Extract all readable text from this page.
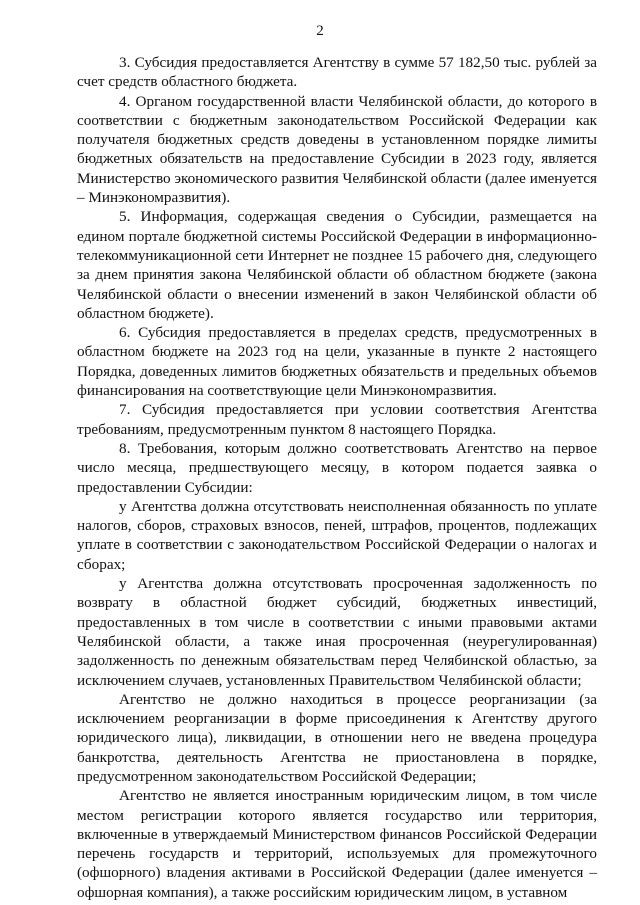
2

3. Субсидия предоставляется Агентству в сумме 57 182,50 тыс. рублей за счет средств областного бюджета.

4. Органом государственной власти Челябинской области, до которого в соответствии с бюджетным законодательством Российской Федерации как получателя бюджетных средств доведены в установленном порядке лимиты бюджетных обязательств на предоставление Субсидии в 2023 году, является Министерство экономического развития Челябинской области (далее именуется – Минэкономразвития).

5. Информация, содержащая сведения о Субсидии, размещается на едином портале бюджетной системы Российской Федерации в информационно-телекоммуникационной сети Интернет не позднее 15 рабочего дня, следующего за днем принятия закона Челябинской области об областном бюджете (закона Челябинской области о внесении изменений в закон Челябинской области об областном бюджете).

6. Субсидия предоставляется в пределах средств, предусмотренных в областном бюджете на 2023 год на цели, указанные в пункте 2 настоящего Порядка, доведенных лимитов бюджетных обязательств и предельных объемов финансирования на соответствующие цели Минэкономразвития.

7. Субсидия предоставляется при условии соответствия Агентства требованиям, предусмотренным пунктом 8 настоящего Порядка.

8. Требования, которым должно соответствовать Агентство на первое число месяца, предшествующего месяцу, в котором подается заявка о предоставлении Субсидии:

у Агентства должна отсутствовать неисполненная обязанность по уплате налогов, сборов, страховых взносов, пеней, штрафов, процентов, подлежащих уплате в соответствии с законодательством Российской Федерации о налогах и сборах;

у Агентства должна отсутствовать просроченная задолженность по возврату в областной бюджет субсидий, бюджетных инвестиций, предоставленных в том числе в соответствии с иными правовыми актами Челябинской области, а также иная просроченная (неурегулированная) задолженность по денежным обязательствам перед Челябинской областью, за исключением случаев, установленных Правительством Челябинской области;

Агентство не должно находиться в процессе реорганизации (за исключением реорганизации в форме присоединения к Агентству другого юридического лица), ликвидации, в отношении него не введена процедура банкротства, деятельность Агентства не приостановлена в порядке, предусмотренном законодательством Российской Федерации;

Агентство не является иностранным юридическим лицом, в том числе местом регистрации которого является государство или территория, включенные в утверждаемый Министерством финансов Российской Федерации перечень государств и территорий, используемых для промежуточного (офшорного) владения активами в Российской Федерации (далее именуется – офшорная компания), а также российским юридическим лицом, в уставном
